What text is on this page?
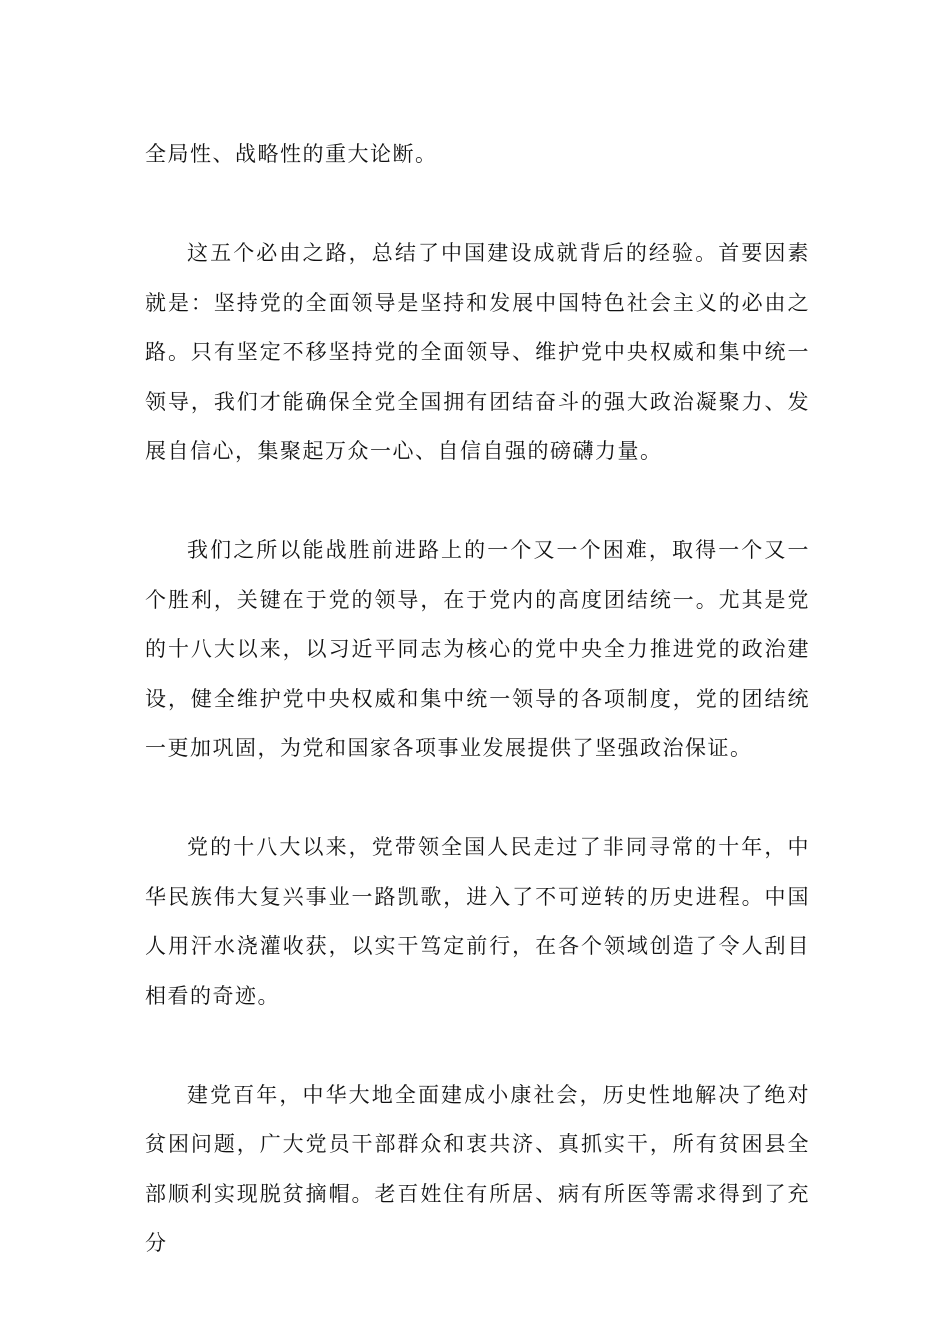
全局性、战略性的重大论断。

这五个必由之路，总结了中国建设成就背后的经验。首要因素就是：坚持党的全面领导是坚持和发展中国特色社会主义的必由之路。只有坚定不移坚持党的全面领导、维护党中央权威和集中统一领导，我们才能确保全党全国拥有团结奋斗的强大政治凝聚力、发展自信心，集聚起万众一心、自信自强的磅礴力量。

我们之所以能战胜前进路上的一个又一个困难，取得一个又一个胜利，关键在于党的领导，在于党内的高度团结统一。尤其是党的十八大以来，以习近平同志为核心的党中央全力推进党的政治建设，健全维护党中央权威和集中统一领导的各项制度，党的团结统一更加巩固，为党和国家各项事业发展提供了坚强政治保证。

党的十八大以来，党带领全国人民走过了非同寻常的十年，中华民族伟大复兴事业一路凯歌，进入了不可逆转的历史进程。中国人用汗水浇灌收获，以实干笃定前行，在各个领域创造了令人刮目相看的奇迹。

建党百年，中华大地全面建成小康社会，历史性地解决了绝对贫困问题，广大党员干部群众和衷共济、真抓实干，所有贫困县全部顺利实现脱贫摘帽。老百姓住有所居、病有所医等需求得到了充分
